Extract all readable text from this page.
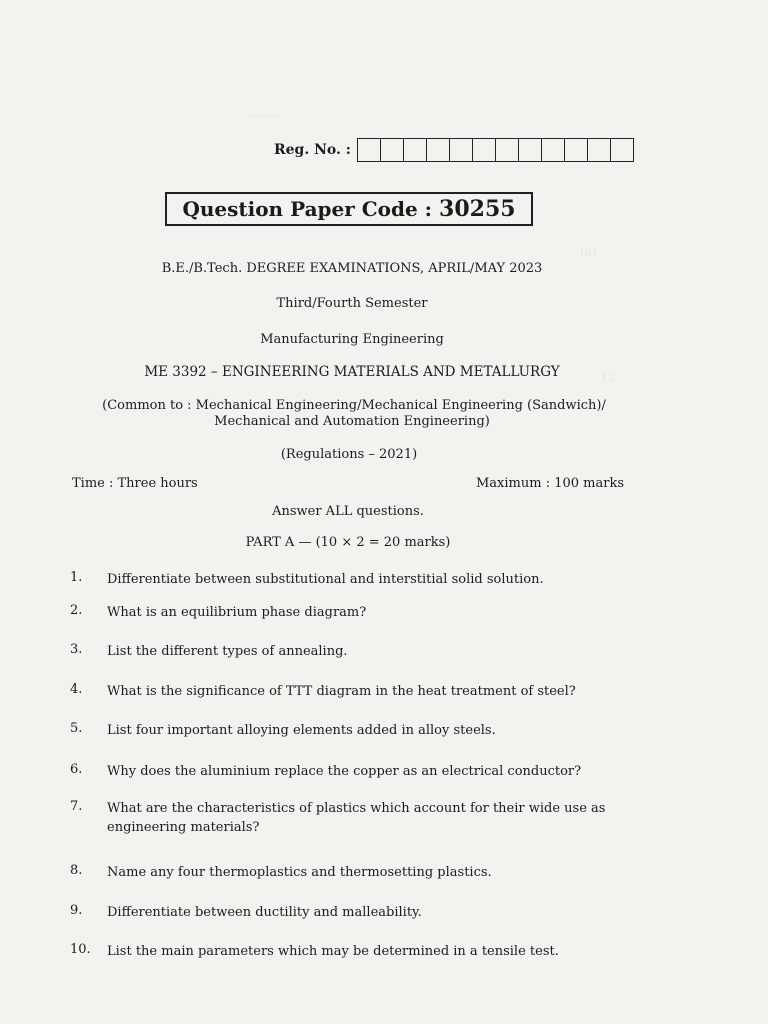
— —
(a)
12.
Reg. No. :
Question Paper Code : 30255
B.E./B.Tech. DEGREE EXAMINATIONS, APRIL/MAY 2023
Third/Fourth Semester
Manufacturing Engineering
ME 3392 – ENGINEERING MATERIALS AND METALLURGY
(Common to : Mechanical Engineering/Mechanical Engineering (Sandwich)/
Mechanical and Automation Engineering)
(Regulations – 2021)
Time : Three hours	Maximum : 100 marks
Answer ALL questions.
PART A — (10 × 2 = 20 marks)
1.	Differentiate between substitutional and interstitial solid solution.
2.	What is an equilibrium phase diagram?
3.	List the different types of annealing.
4.	What is the significance of TTT diagram in the heat treatment of steel?
5.	List four important alloying elements added in alloy steels.
6.	Why does the aluminium replace the copper as an electrical conductor?
7.	What are the characteristics of plastics which account for their wide use as engineering materials?
8.	Name any four thermoplastics and thermosetting plastics.
9.	Differentiate between ductility and malleability.
10.	List the main parameters which may be determined in a tensile test.
